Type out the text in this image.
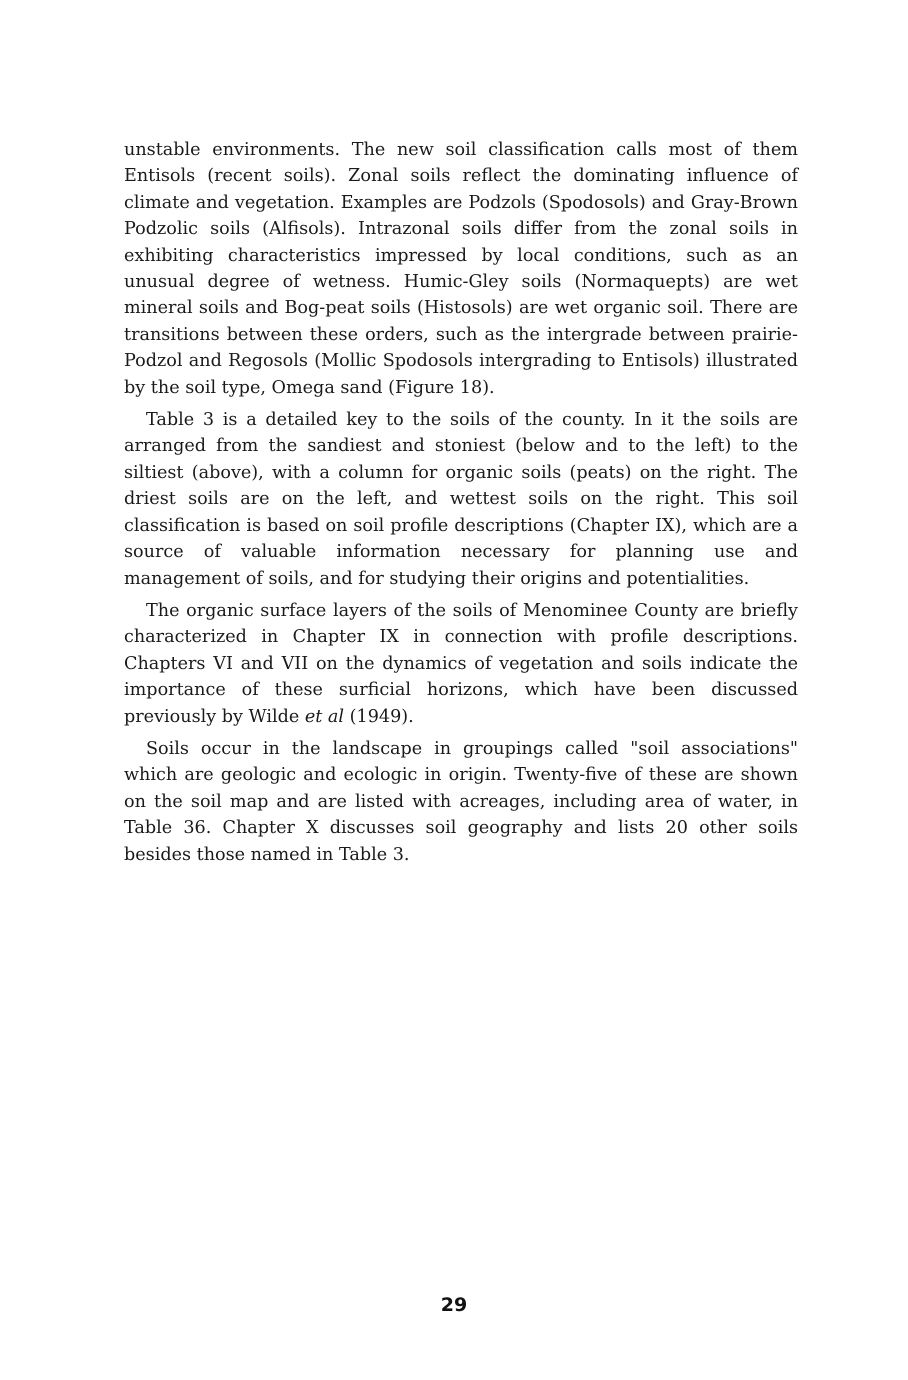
unstable environments. The new soil classification calls most of them Entisols (recent soils). Zonal soils reflect the dominating influence of climate and vegetation. Examples are Podzols (Spodosols) and Gray-Brown Podzolic soils (Alfisols). Intrazonal soils differ from the zonal soils in exhibiting characteristics impressed by local conditions, such as an unusual degree of wetness. Humic-Gley soils (Normaquepts) are wet mineral soils and Bog-peat soils (Histosols) are wet organic soil. There are transitions between these orders, such as the intergrade between prairie-Podzol and Regosols (Mollic Spodosols intergrading to Entisols) illustrated by the soil type, Omega sand (Figure 18).

Table 3 is a detailed key to the soils of the county. In it the soils are arranged from the sandiest and stoniest (below and to the left) to the siltiest (above), with a column for organic soils (peats) on the right. The driest soils are on the left, and wettest soils on the right. This soil classification is based on soil profile descriptions (Chapter IX), which are a source of valuable information necessary for planning use and management of soils, and for studying their origins and potentialities.

The organic surface layers of the soils of Menominee County are briefly characterized in Chapter IX in connection with profile descriptions. Chapters VI and VII on the dynamics of vegetation and soils indicate the importance of these surficial horizons, which have been discussed previously by Wilde et al (1949).

Soils occur in the landscape in groupings called "soil associations" which are geologic and ecologic in origin. Twenty-five of these are shown on the soil map and are listed with acreages, including area of water, in Table 36. Chapter X discusses soil geography and lists 20 other soils besides those named in Table 3.

29
